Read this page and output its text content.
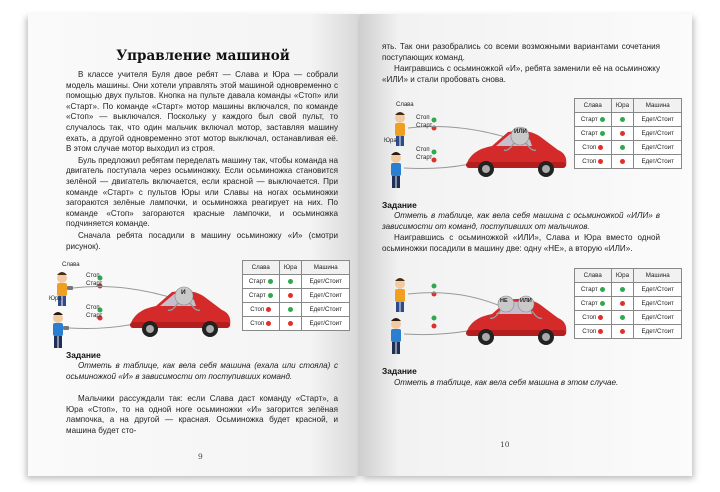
Управление машиной

В классе учителя Буля двое ребят — Слава и Юра — собрали модель машины. Они хотели управлять этой машиной одновременно с помощью двух пультов. Кнопка на пульте давала команды «Стоп» или «Старт». По команде «Старт» мотор машины включался, по команде «Стоп» — выключался. Поскольку у каждого был свой пульт, то случалось так, что один мальчик включал мотор, заставляя машину ехать, а другой одновременно этот мотор выключал, останавливая её. В этом случае мотор выходил из строя.

Буль предложил ребятам переделать машину так, чтобы команда на двигатель поступала через осьминожку. Если осьминожка становится зелёной — двигатель включается, если красной — выключается. При команде «Старт» с пультов Юры или Славы на ногах осьминожки загораются зелёные лампочки, и осьминожка реагирует на них. По команде «Стоп» загораются красные лампочки, и осьминожка подчиняется команде.

Сначала ребята посадили в машину осьминожку «И» (смотри рисунок).

Слава
Юра
Стоп
Старт
Стоп
Старт
И
Слава	Юра	Машина

Старт		Едет/Стоит

Старт		Едет/Стоит

Стоп		Едет/Стоит

Стоп		Едет/Стоит
Задание
Отметь в таблице, как вела себя машина (ехала или стояла) с осьминожкой «И» в зависимости от поступивших команд.

Мальчики рассуждали так: если Слава даст команду «Старт», а Юра «Стоп», то на одной ноге осьминожки «И» загорится зелёная лампочка, а на другой — красная. Осьминожка будет красной, и машина будет сто-

9

ять. Так они разобрались со всеми возможными вариантами сочетания поступающих команд.

Наигравшись с осьминожкой «И», ребята заменили её на осьминожку «ИЛИ» и стали пробовать снова.

Слава
Юра
Стоп
Старт
Стоп
Старт
ИЛИ
Слава	Юра	Машина

Старт		Едет/Стоит

Старт		Едет/Стоит

Стоп		Едет/Стоит

Стоп		Едет/Стоит
Задание
Отметь в таблице, как вела себя машина с осьминожкой «ИЛИ» в зависимости от команд, поступивших от мальчиков.

Наигравшись с осьминожкой «ИЛИ», Слава и Юра вместо одной осьминожки посадили в машину две: одну «НЕ», а вторую «ИЛИ».

НЕ ИЛИ
Слава	Юра	Машина

Старт		Едет/Стоит

Старт		Едет/Стоит

Стоп		Едет/Стоит

Стоп		Едет/Стоит
Задание
Отметь в таблице, как вела себя машина в этом случае.
10
